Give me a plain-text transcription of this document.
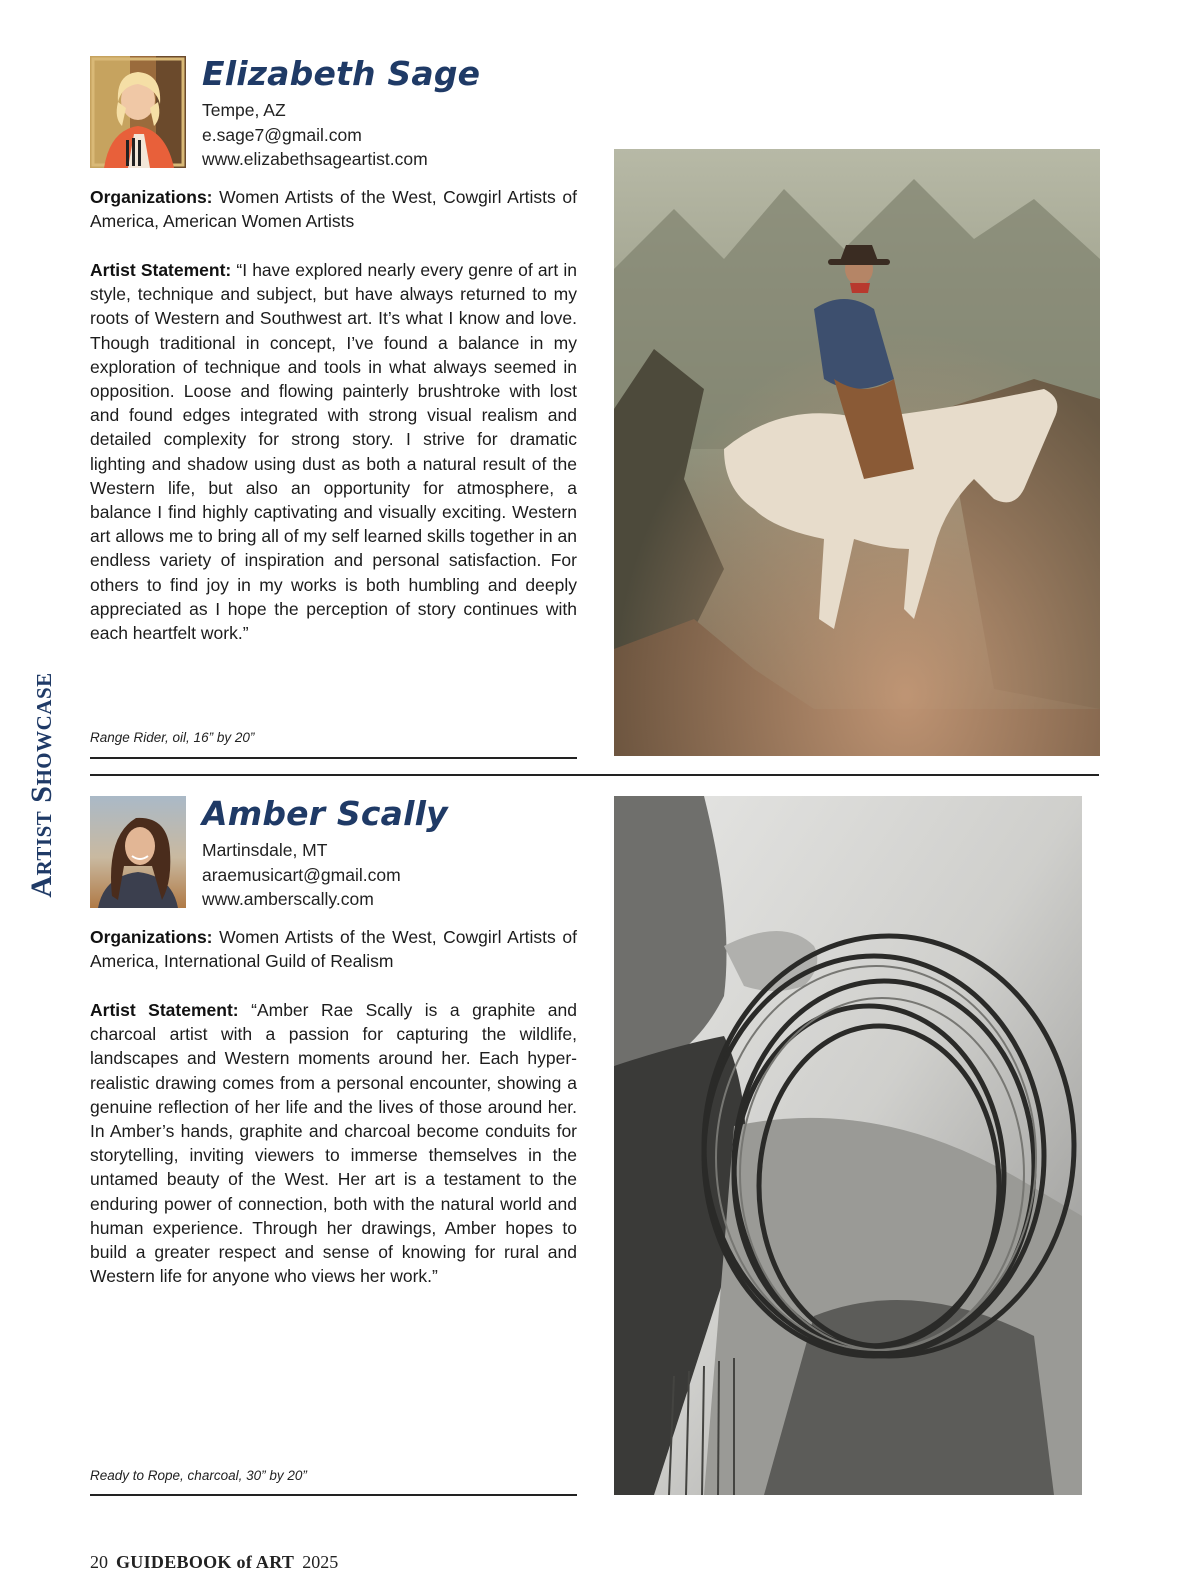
Artist Showcase
Elizabeth Sage
Tempe, AZ
e.sage7@gmail.com
www.elizabethsageartist.com

Organizations: Women Artists of the West, Cowgirl Artists of America, American Women Artists

Artist Statement: “I have explored nearly every genre of art in style, technique and subject, but have always returned to my roots of Western and Southwest art. It’s what I know and love. Though traditional in concept, I’ve found a balance in my exploration of technique and tools in what always seemed in opposition. Loose and flowing painterly brushtroke with lost and found edges integrated with strong visual realism and detailed complexity for strong story. I strive for dramatic lighting and shadow using dust as both a natural result of the Western life, but also an opportunity for atmosphere, a balance I find highly captivating and visually exciting. Western art allows me to bring all of my self learned skills together in an endless variety of inspiration and personal satisfaction. For others to find joy in my works is both humbling and deeply appreciated as I hope the perception of story continues with each heartfelt work.”

Range Rider, oil, 16” by 20”
Amber Scally
Martinsdale, MT
araemusicart@gmail.com
www.amberscally.com

Organizations: Women Artists of the West, Cowgirl Artists of America, International Guild of Realism

Artist Statement: “Amber Rae Scally is a graphite and charcoal artist with a passion for capturing the wildlife, landscapes and Western moments around her. Each hyper-realistic drawing comes from a personal encounter, showing a genuine reflection of her life and the lives of those around her. In Amber’s hands, graphite and charcoal become conduits for storytelling, inviting viewers to immerse themselves in the untamed beauty of the West. Her art is a testament to the enduring power of connection, both with the natural world and human experience. Through her drawings, Amber hopes to build a greater respect and sense of knowing for rural and Western life for anyone who views her work.”

Ready to Rope, charcoal, 30” by 20”
20 GUIDEBOOK of ART 2025
